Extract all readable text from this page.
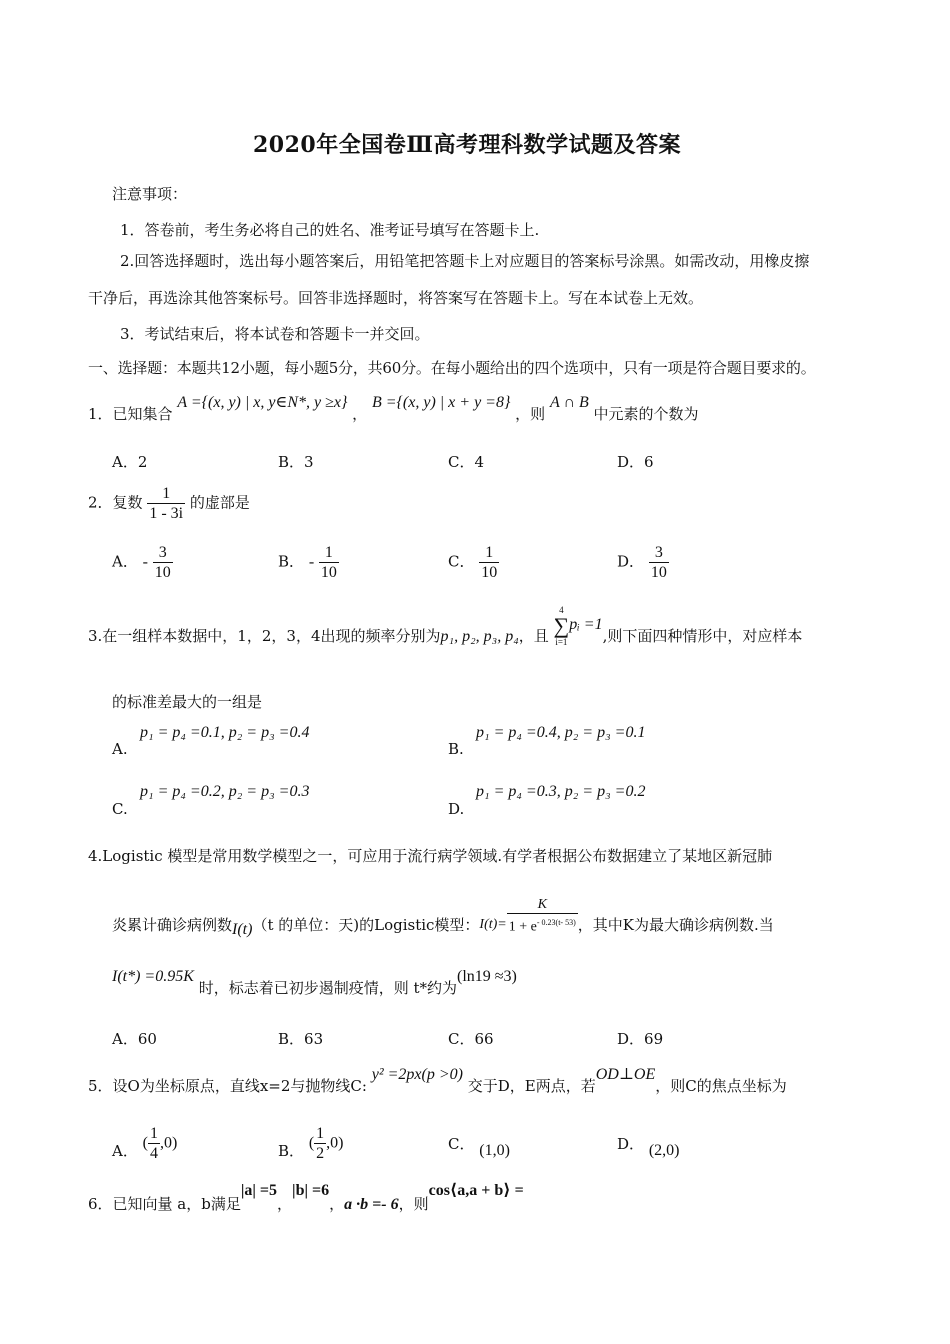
2020年全国卷Ⅲ高考理科数学试题及答案
注意事项：
1．答卷前，考生务必将自己的姓名、准考证号填写在答题卡上.
2.回答选择题时，选出每小题答案后，用铅笔把答题卡上对应题目的答案标号涂黑。如需改动，用橡皮擦
干净后，再选涂其他答案标号。回答非选择题时，将答案写在答题卡上。写在本试卷上无效。
3．考试结束后，将本试卷和答题卡一并交回。
一、选择题：本题共12小题，每小题5分，共60分。在每小题给出的四个选项中，只有一项是符合题目要求的。
1．已知集合 A ={(x, y) | x, y∈N*, y ≥x} ， B ={(x, y) | x + y =8} ，则 A ∩ B 中元素的个数为
A．2	B．3	C．4	D．6
2．复数 $\frac{1}{1 - 3i}$ 的虚部是
A． - $\frac{3}{10}$	B． - $\frac{1}{10}$	C． $\frac{1}{10}$	D． $\frac{3}{10}$
3.在一组样本数据中，1，2，3，4出现的频率分别为p₁, p₂, p₃, p₄，且
4
∑
i=1
pᵢ =1,则下面四种情形中，对应样本
的标准差最大的一组是
A.
p₁ = p₄ =0.1, p₂ = p₃ =0.4
B.
p₁ = p₄ =0.4, p₂ = p₃ =0.1
C.
p₁ = p₄ =0.2, p₂ = p₃ =0.3
D.
p₁ = p₄ =0.3, p₂ = p₃ =0.2
4.Logistic 模型是常用数学模型之一，可应用于流行病学领域.有学者根据公布数据建立了某地区新冠肺
炎累计确诊病例数I(t)（t 的单位：天)的Logistic模型：$I(t)= \frac{K}{1 + e^{- 0.23(t- 53)}}$ ，其中K为最大确诊病例数.当
I(t*) =0.95K 时，标志着已初步遏制疫情，则 t*约为(ln19 ≈3)
A．60	B．63	C．66	D．69
5．设O为坐标原点，直线x=2与抛物线C: y² =2px(p >0) 交于D，E两点，若OD⊥OE，则C的焦点坐标为
A． ( $\frac{1}{4} ,0$)	B． ( $\frac{1}{2} ,0$)	C． (1,0)	D． (2,0)
6．已知向量 a，b满足|a| =5，|b| =6，a ·b =- 6，则cos⟨a,a + b⟩ =
